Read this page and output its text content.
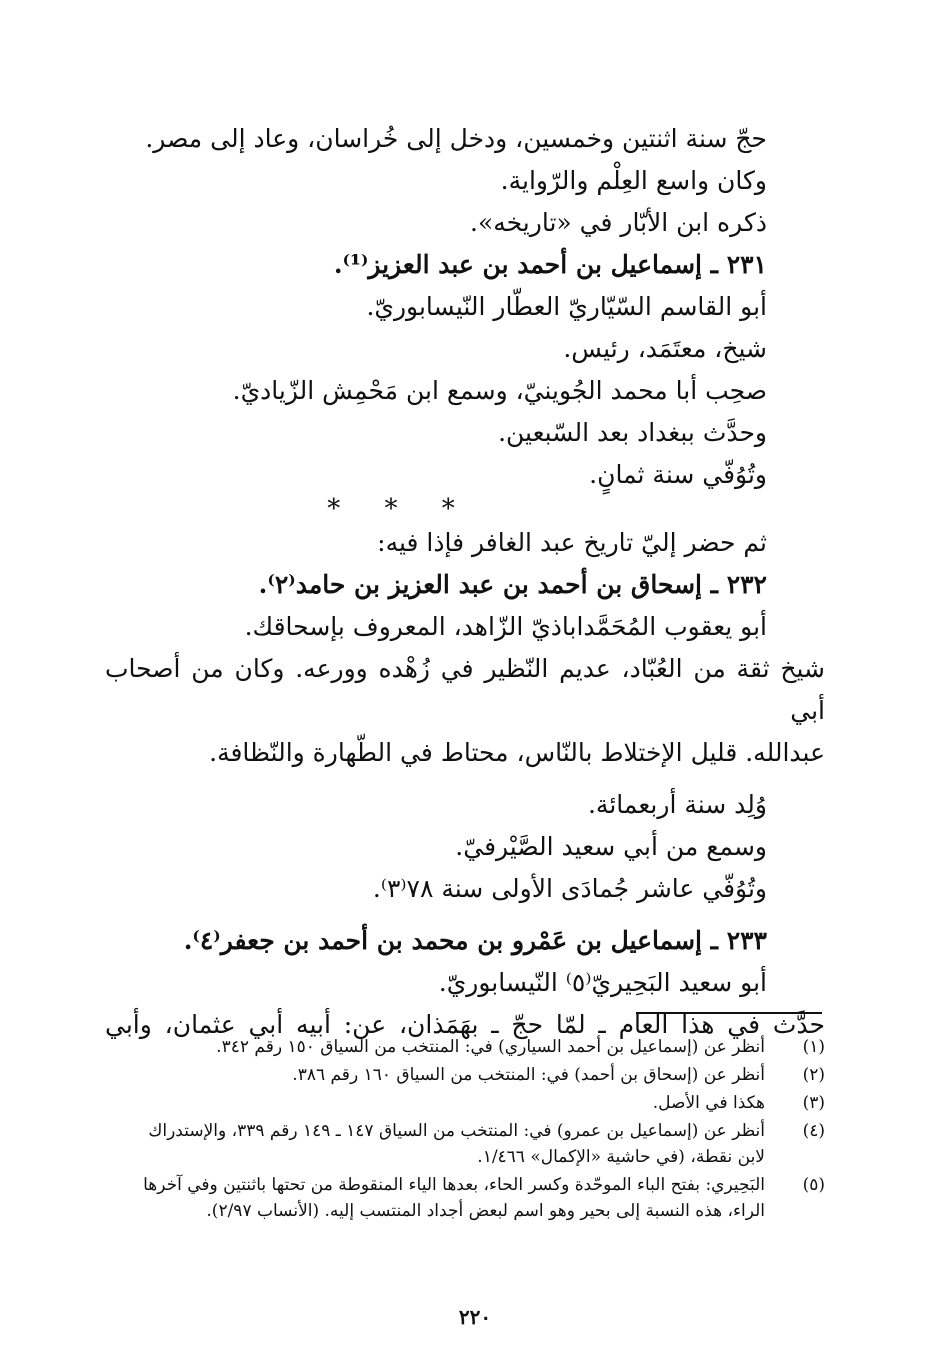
حجّ سنة اثنتين وخمسين، ودخل إلى خُراسان، وعاد إلى مصر.
وكان واسع العِلْم والرّواية.
ذكره ابن الأبّار في «تاريخه».
٢٣١ ـ إسماعيل بن أحمد بن عبد العزيز⁽¹⁾.
أبو القاسم السّيّاريّ العطّار النّيسابوريّ.
شيخ، معتَمَد، رئيس.
صحِب أبا محمد الجُوينيّ، وسمع ابن مَحْمِش الزّياديّ.
وحدَّث ببغداد بعد السّبعين.
وتُوُفّي سنة ثمانٍ.
* * *
ثم حضر إليّ تاريخ عبد الغافر فإذا فيه:
٢٣٢ ـ إسحاق بن أحمد بن عبد العزيز بن حامد⁽٢⁾.
أبو يعقوب المُحَمَّداباذيّ الزّاهد، المعروف بإسحاقك.
شيخ ثقة من العُبّاد، عديم النّظير في زُهْده وورعه. وكان من أصحاب أبي
عبدالله. قليل الإختلاط بالنّاس، محتاط في الطّهارة والنّظافة.
وُلِد سنة أربعمائة.
وسمع من أبي سعيد الصَّيْرفيّ.
وتُوُفّي عاشر جُمادَى الأولى سنة ٧٨⁽٣⁾.
٢٣٣ ـ إسماعيل بن عَمْرو بن محمد بن أحمد بن جعفر⁽٤⁾.
أبو سعيد البَحِيريّ⁽٥⁾ النّيسابوريّ.
حدَّث في هذا العام ـ لمّا حجّ ـ بهَمَذان، عن: أبيه أبي عثمان، وأبي
(١)
أنظر عن (إسماعيل بن أحمد السياري) في: المنتخب من السياق ١٥٠ رقم ٣٤٢.
(٢)
أنظر عن (إسحاق بن أحمد) في: المنتخب من السياق ١٦٠ رقم ٣٨٦.
(٣)
هكذا في الأصل.
(٤)
أنظر عن (إسماعيل بن عمرو) في: المنتخب من السياق ١٤٧ ـ ١٤٩ رقم ٣٣٩، والإستدراك
لابن نقطة، (في حاشية «الإكمال» ١/٤٦٦.
(٥)
البَحِيري: بفتح الباء الموحّدة وكسر الحاء، بعدها الياء المنقوطة من تحتها باثنتين وفي آخرها
الراء، هذه النسبة إلى بحير وهو اسم لبعض أجداد المنتسب إليه. (الأنساب ٢/٩٧).
٢٢٠
